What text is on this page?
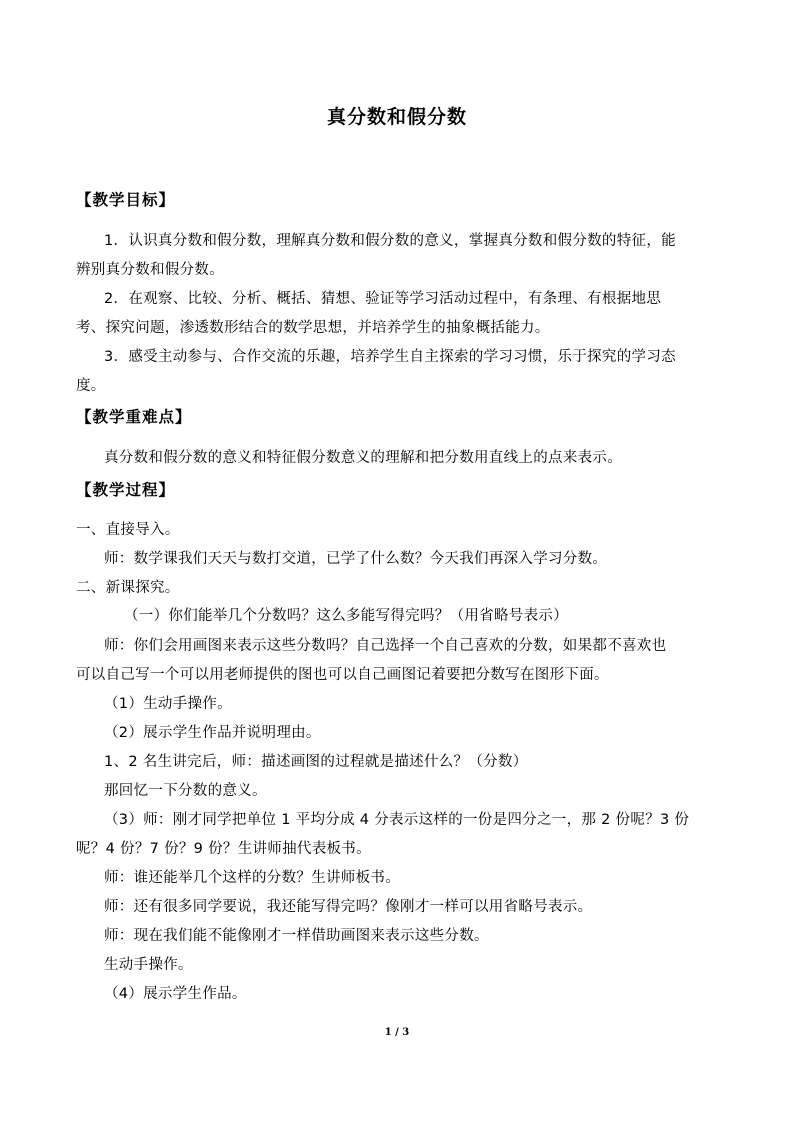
真分数和假分数
【教学目标】
1．认识真分数和假分数，理解真分数和假分数的意义，掌握真分数和假分数的特征，能
辨别真分数和假分数。
2．在观察、比较、分析、概括、猜想、验证等学习活动过程中，有条理、有根据地思
考、探究问题，渗透数形结合的数学思想，并培养学生的抽象概括能力。
3．感受主动参与、合作交流的乐趣，培养学生自主探索的学习习惯，乐于探究的学习态
度。
【教学重难点】
真分数和假分数的意义和特征假分数意义的理解和把分数用直线上的点来表示。
【教学过程】
一、直接导入。
师：数学课我们天天与数打交道，已学了什么数？今天我们再深入学习分数。
二、新课探究。
（一）你们能举几个分数吗？这么多能写得完吗？（用省略号表示）
师：你们会用画图来表示这些分数吗？自己选择一个自己喜欢的分数，如果都不喜欢也
可以自己写一个可以用老师提供的图也可以自己画图记着要把分数写在图形下面。
（1）生动手操作。
（2）展示学生作品并说明理由。
1、2 名生讲完后，师：描述画图的过程就是描述什么？（分数）
那回忆一下分数的意义。
（3）师：刚才同学把单位 1 平均分成 4 分表示这样的一份是四分之一，那 2 份呢？3 份
呢？4 份？7 份？9 份？生讲师抽代表板书。
师：谁还能举几个这样的分数？生讲师板书。
师：还有很多同学要说，我还能写得完吗？像刚才一样可以用省略号表示。
师：现在我们能不能像刚才一样借助画图来表示这些分数。
生动手操作。
（4）展示学生作品。
1 / 3
